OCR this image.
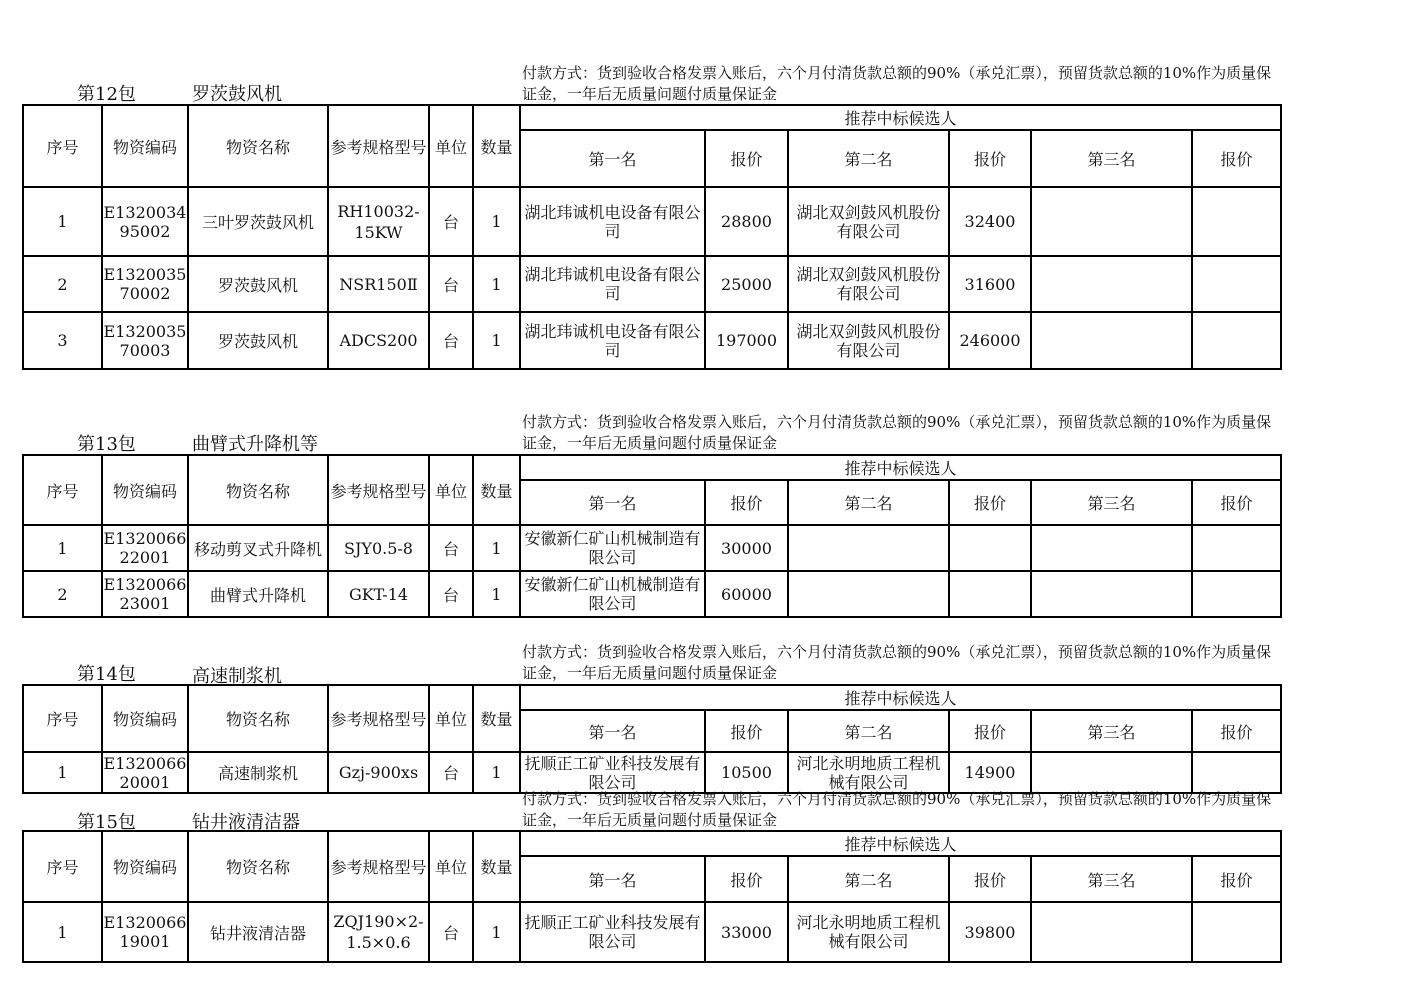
第12包	罗茨鼓风机
付款方式：货到验收合格发票入账后，六个月付清货款总额的90%（承兑汇票），预留货款总额的10%作为质量保证金，一年后无质量问题付质量保证金
序号	物资编码	物资名称	参考规格型号	单位	数量	推荐中标候选人					
						第一名	报价	第二名	报价	第三名	报价
1	E132003495002	三叶罗茨鼓风机	RH10032-15KW	台	1	湖北玮诚机电设备有限公司	28800	湖北双剑鼓风机股份有限公司	32400		
2	E132003570002	罗茨鼓风机	NSR150Ⅱ	台	1	湖北玮诚机电设备有限公司	25000	湖北双剑鼓风机股份有限公司	31600		
3	E132003570003	罗茨鼓风机	ADCS200	台	1	湖北玮诚机电设备有限公司	197000	湖北双剑鼓风机股份有限公司	246000		
第13包	曲臂式升降机等
付款方式：货到验收合格发票入账后，六个月付清货款总额的90%（承兑汇票），预留货款总额的10%作为质量保证金，一年后无质量问题付质量保证金
序号	物资编码	物资名称	参考规格型号	单位	数量	推荐中标候选人					
						第一名	报价	第二名	报价	第三名	报价
1	E132006622001	移动剪叉式升降机	SJY0.5-8	台	1	安徽新仁矿山机械制造有限公司	30000				
2	E132006623001	曲臂式升降机	GKT-14	台	1	安徽新仁矿山机械制造有限公司	60000				
第14包	高速制浆机
付款方式：货到验收合格发票入账后，六个月付清货款总额的90%（承兑汇票），预留货款总额的10%作为质量保证金，一年后无质量问题付质量保证金
序号	物资编码	物资名称	参考规格型号	单位	数量	推荐中标候选人					
						第一名	报价	第二名	报价	第三名	报价
1	E132006620001	高速制浆机	Gzj-900xs	台	1	抚顺正工矿业科技发展有限公司	10500	河北永明地质工程机械有限公司	14900		
第15包	钻井液清洁器
付款方式：货到验收合格发票入账后，六个月付清货款总额的90%（承兑汇票），预留货款总额的10%作为质量保证金，一年后无质量问题付质量保证金
序号	物资编码	物资名称	参考规格型号	单位	数量	推荐中标候选人					
						第一名	报价	第二名	报价	第三名	报价
1	E132006619001	钻井液清洁器	ZQJ190×2-1.5×0.6	台	1	抚顺正工矿业科技发展有限公司	33000	河北永明地质工程机械有限公司	39800		
